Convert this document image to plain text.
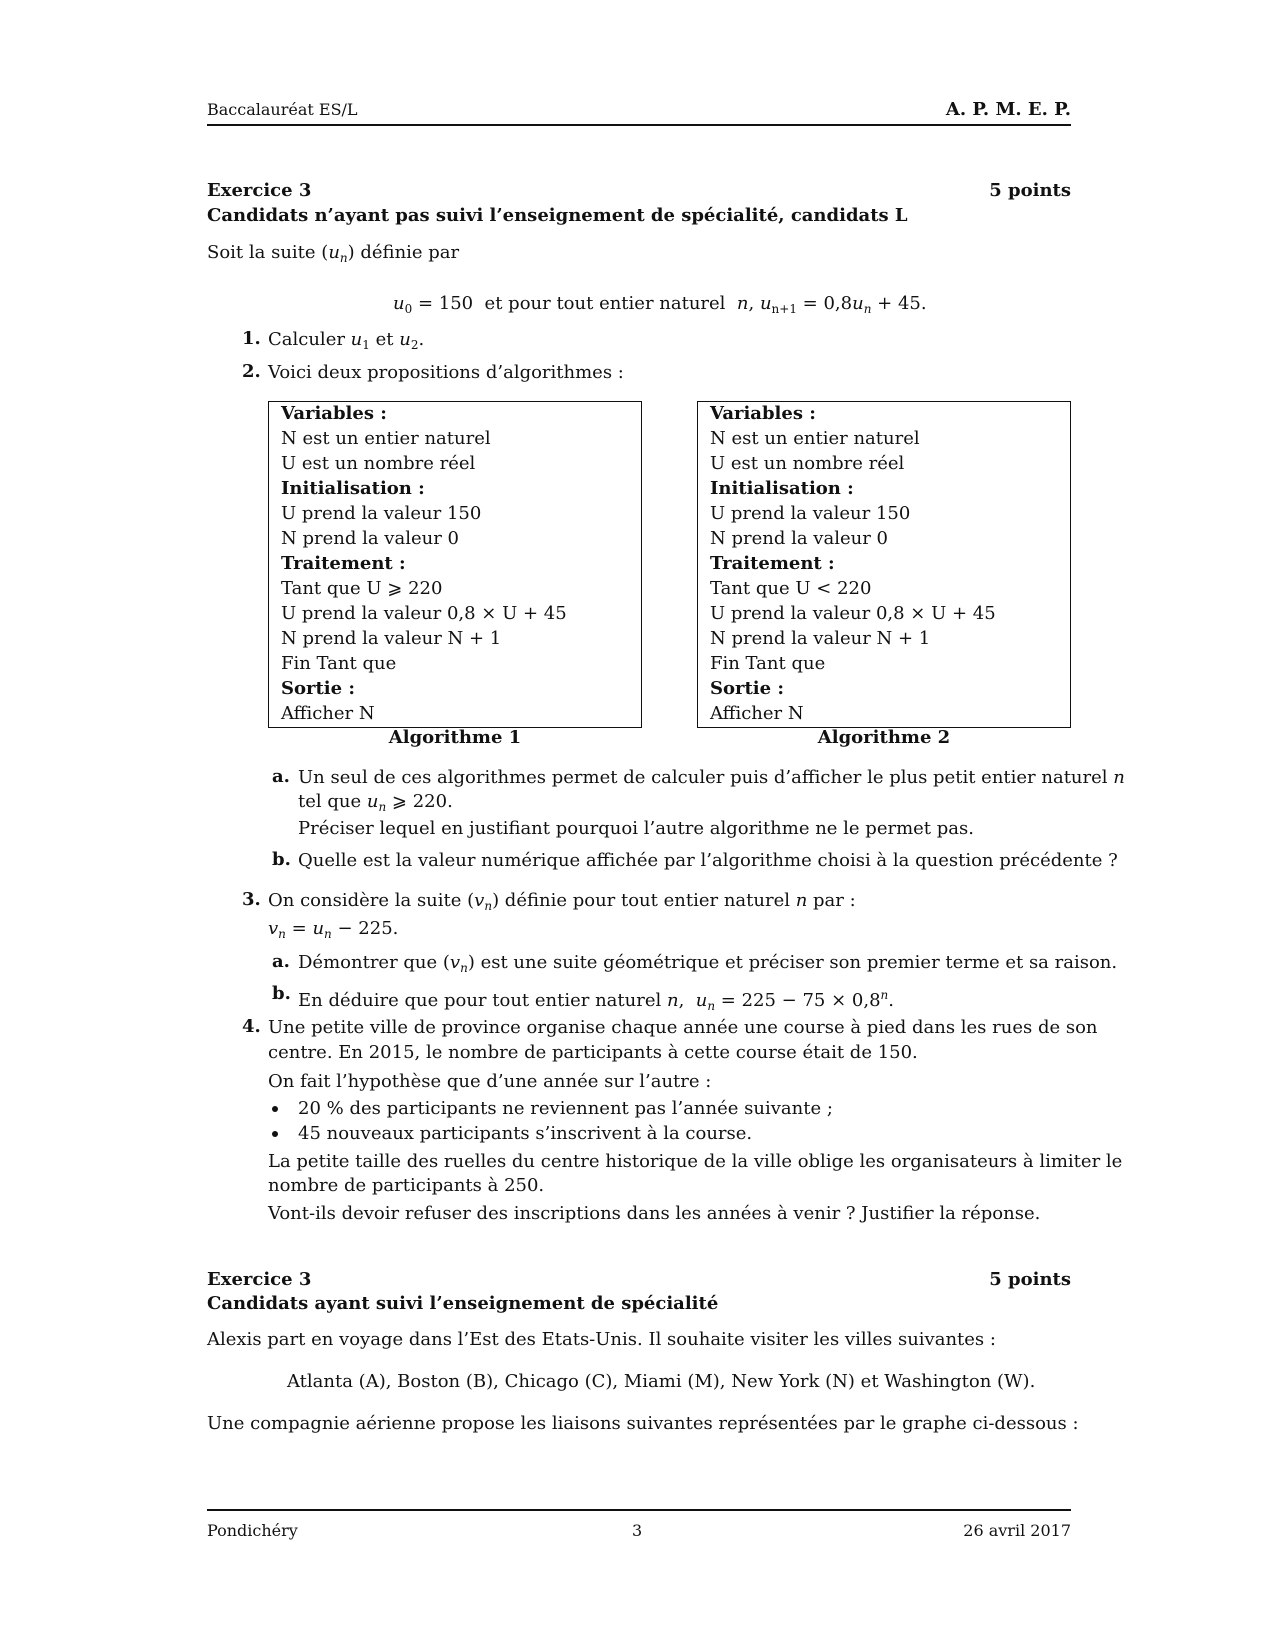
Baccalauréat ES/L	A. P. M. E. P.
Exercice 3	5 points
Candidats n’ayant pas suivi l’enseignement de spécialité, candidats L
Soit la suite $(u_n)$ définie par
$u_0 = 150$  et pour tout entier naturel  n, $u_{n+1} = 0,8u_n + 45$.
1. Calculer $u_1$ et $u_2$.
2. Voici deux propositions d’algorithmes :
Variables :
N est un entier naturel
U est un nombre réel
Initialisation :
U prend la valeur 150
N prend la valeur 0
Traitement :
Tant que U ⩾ 220
U prend la valeur 0,8 × U + 45
N prend la valeur N + 1
Fin Tant que
Sortie :
Afficher N
Algorithme 1
Variables :
N est un entier naturel
U est un nombre réel
Initialisation :
U prend la valeur 150
N prend la valeur 0
Traitement :
Tant que U < 220
U prend la valeur 0,8 × U + 45
N prend la valeur N + 1
Fin Tant que
Sortie :
Afficher N
Algorithme 2
a. Un seul de ces algorithmes permet de calculer puis d’afficher le plus petit entier naturel n
tel que $u_n$ ⩾ 220.
Préciser lequel en justifiant pourquoi l’autre algorithme ne le permet pas.
b. Quelle est la valeur numérique affichée par l’algorithme choisi à la question précédente ?
3. On considère la suite $(v_n)$ définie pour tout entier naturel n par :
$v_n = u_n - 225$.
a. Démontrer que $(v_n)$ est une suite géométrique et préciser son premier terme et sa raison.
b. En déduire que pour tout entier naturel n,  $u_n = 225 - 75 \times 0,8^n$.
4. Une petite ville de province organise chaque année une course à pied dans les rues de son
centre. En 2015, le nombre de participants à cette course était de 150.
On fait l’hypothèse que d’une année sur l’autre :
20 % des participants ne reviennent pas l’année suivante ;
45 nouveaux participants s’inscrivent à la course.
La petite taille des ruelles du centre historique de la ville oblige les organisateurs à limiter le
nombre de participants à 250.
Vont-ils devoir refuser des inscriptions dans les années à venir ? Justifier la réponse.
Exercice 3	5 points
Candidats ayant suivi l’enseignement de spécialité
Alexis part en voyage dans l’Est des Etats-Unis. Il souhaite visiter les villes suivantes :
Atlanta (A), Boston (B), Chicago (C), Miami (M), New York (N) et Washington (W).
Une compagnie aérienne propose les liaisons suivantes représentées par le graphe ci-dessous :
Pondichéry	3	26 avril 2017
